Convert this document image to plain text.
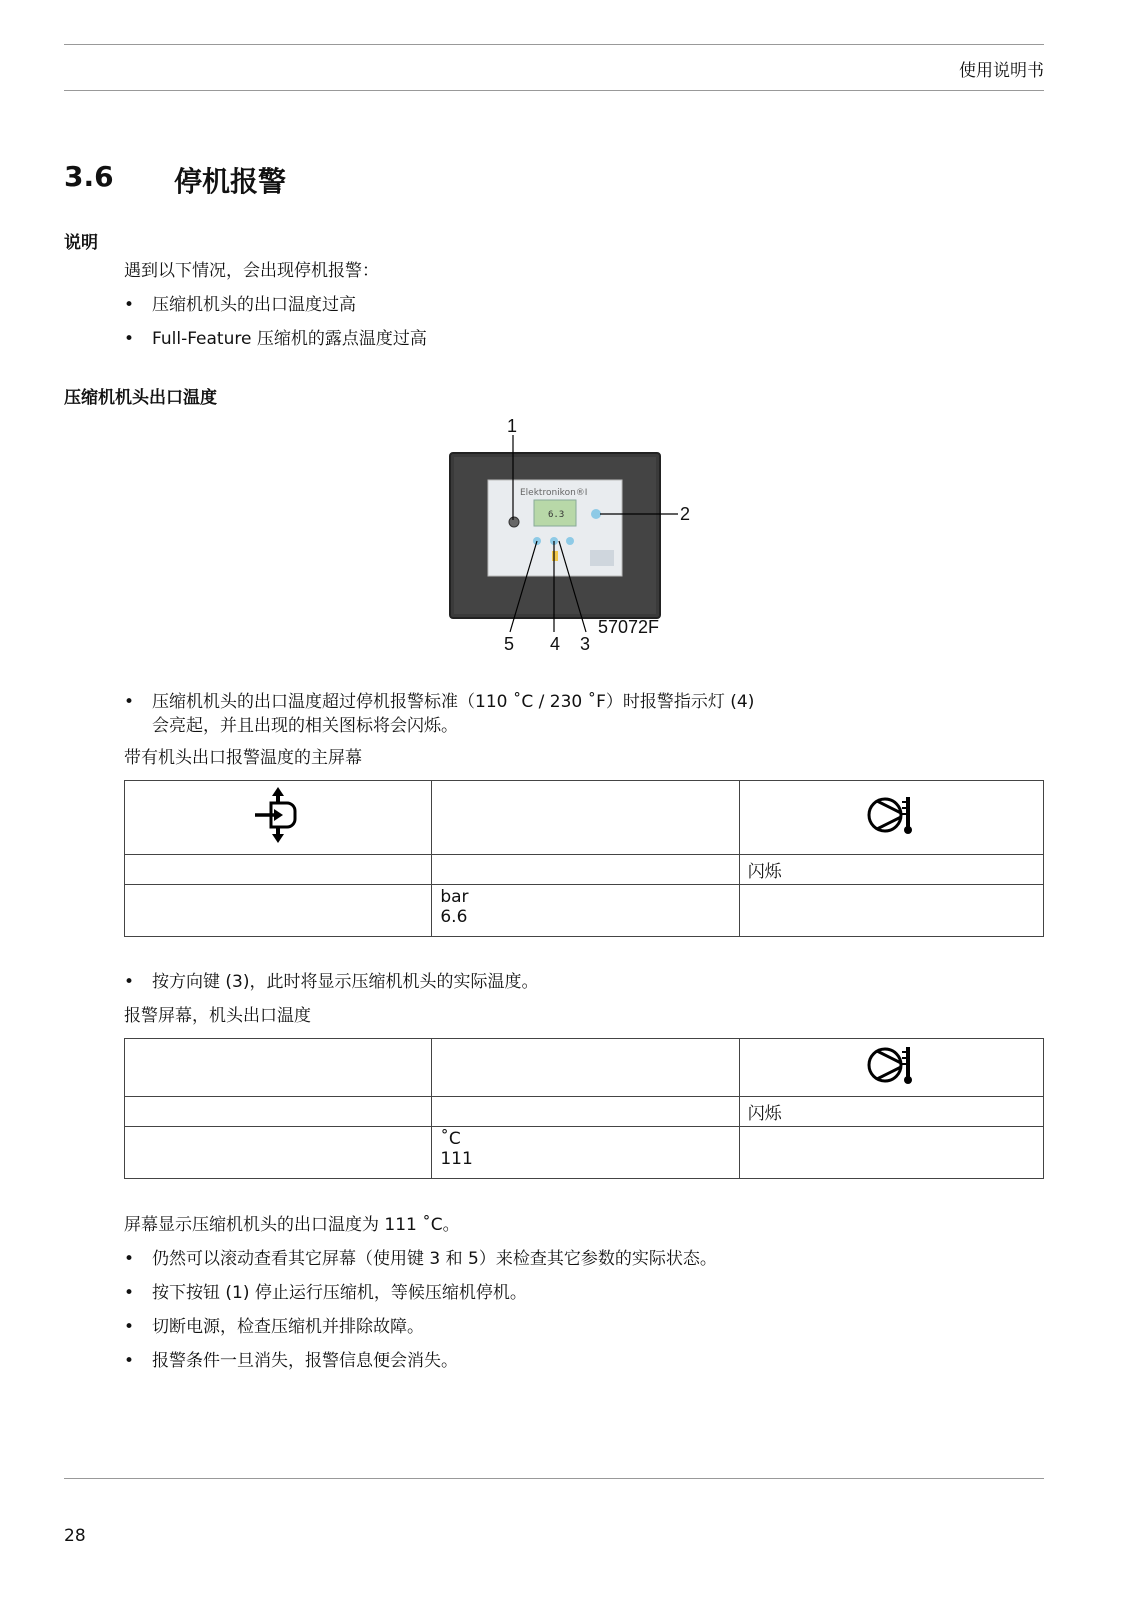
使用说明书
3.6 停机报警
说明
遇到以下情况，会出现停机报警：
• 压缩机机头的出口温度过高
• Full-Feature 压缩机的露点温度过高
压缩机机头出口温度
Elektronikon®I
6.3
1
2
5 4 3
57072F
• 压缩机机头的出口温度超过停机报警标准（110 ˚C / 230 ˚F）时报警指示灯 (4)
会亮起，并且出现的相关图标将会闪烁。
带有机头出口报警温度的主屏幕

		闪烁
	bar
6.6	
• 按方向键 (3)，此时将显示压缩机机头的实际温度。
报警屏幕，机头出口温度

		闪烁
	˚C
111	
屏幕显示压缩机机头的出口温度为 111 ˚C。
• 仍然可以滚动查看其它屏幕（使用键 3 和 5）来检查其它参数的实际状态。
• 按下按钮 (1) 停止运行压缩机，等候压缩机停机。
• 切断电源，检查压缩机并排除故障。
• 报警条件一旦消失，报警信息便会消失。
28
